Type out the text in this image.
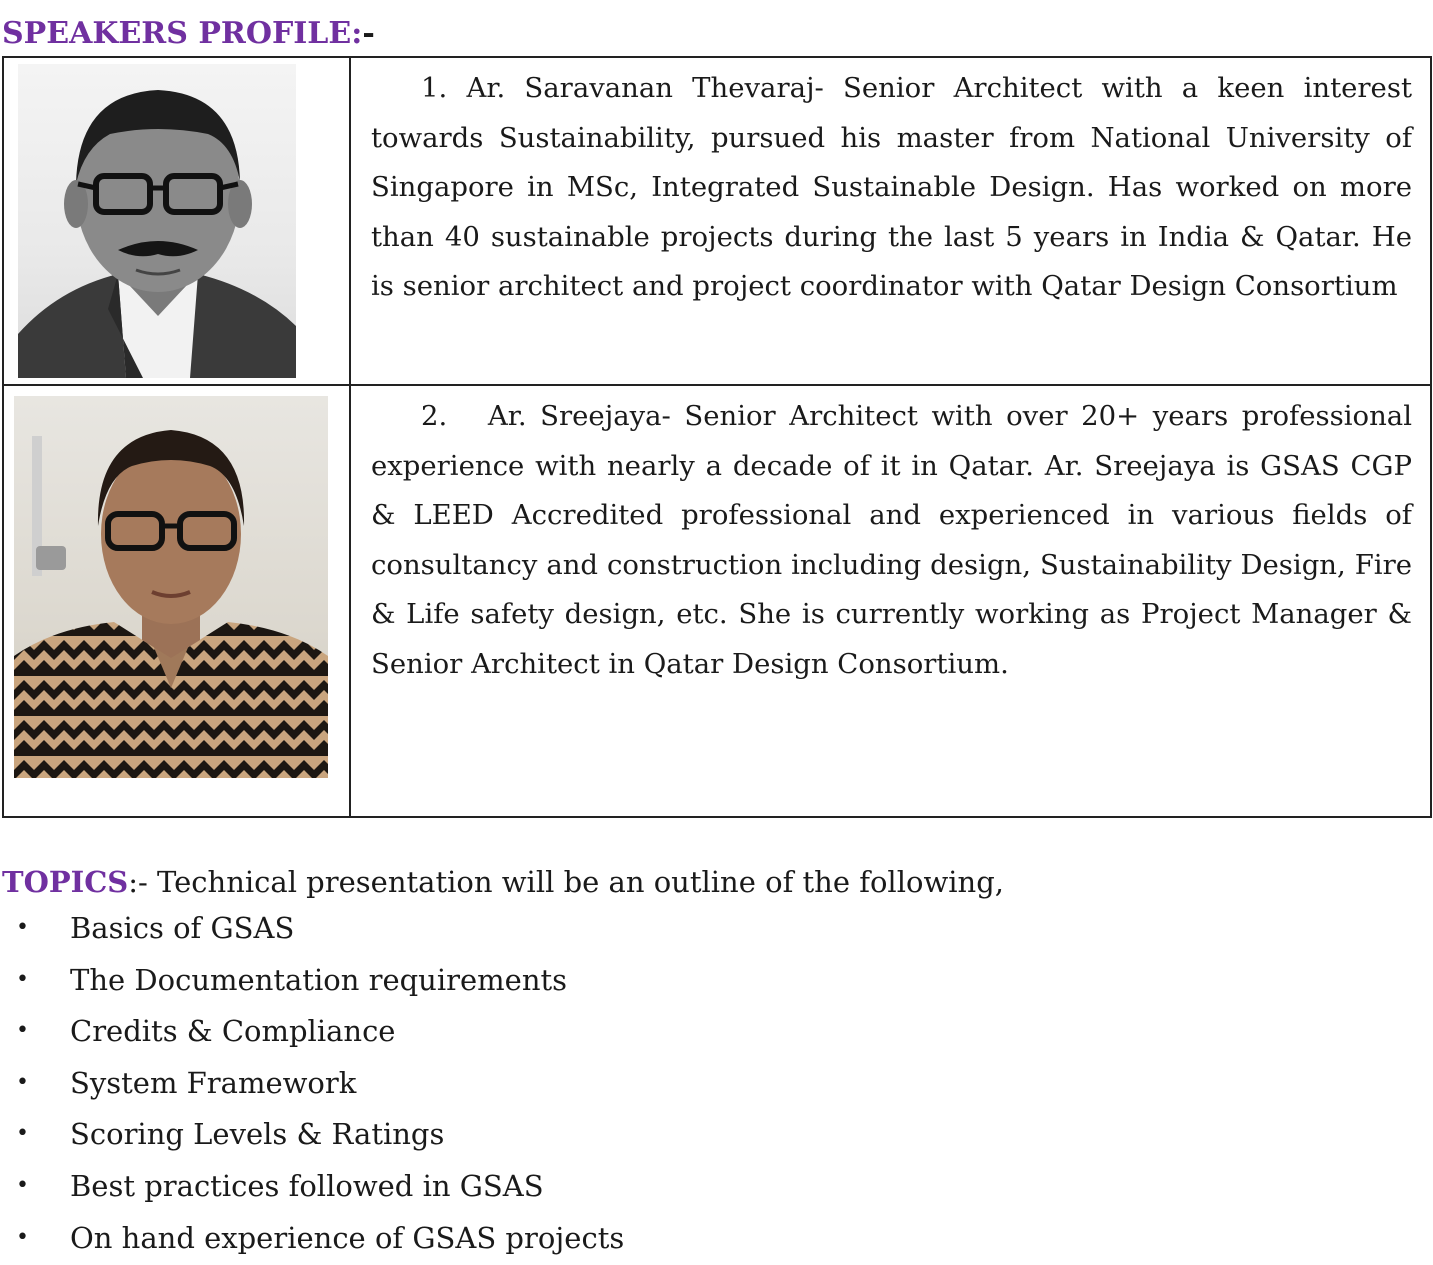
SPEAKERS PROFILE:-

1. Ar. Saravanan Thevaraj- Senior Architect with a keen interest towards Sustainability, pursued his master from National University of Singapore in MSc, Integrated Sustainable Design. Has worked on more than 40 sustainable projects during the last 5 years in India & Qatar. He is senior architect and project coordinator with Qatar Design Consortium

2. Ar. Sreejaya- Senior Architect with over 20+ years professional experience with nearly a decade of it in Qatar. Ar. Sreejaya is GSAS CGP & LEED Accredited professional and experienced in various fields of consultancy and construction including design, Sustainability Design, Fire & Life safety design, etc. She is currently working as Project Manager & Senior Architect in Qatar Design Consortium.
TOPICS:- Technical presentation will be an outline of the following,
• Basics of GSAS
• The Documentation requirements
• Credits & Compliance
• System Framework
• Scoring Levels & Ratings
• Best practices followed in GSAS
• On hand experience of GSAS projects
